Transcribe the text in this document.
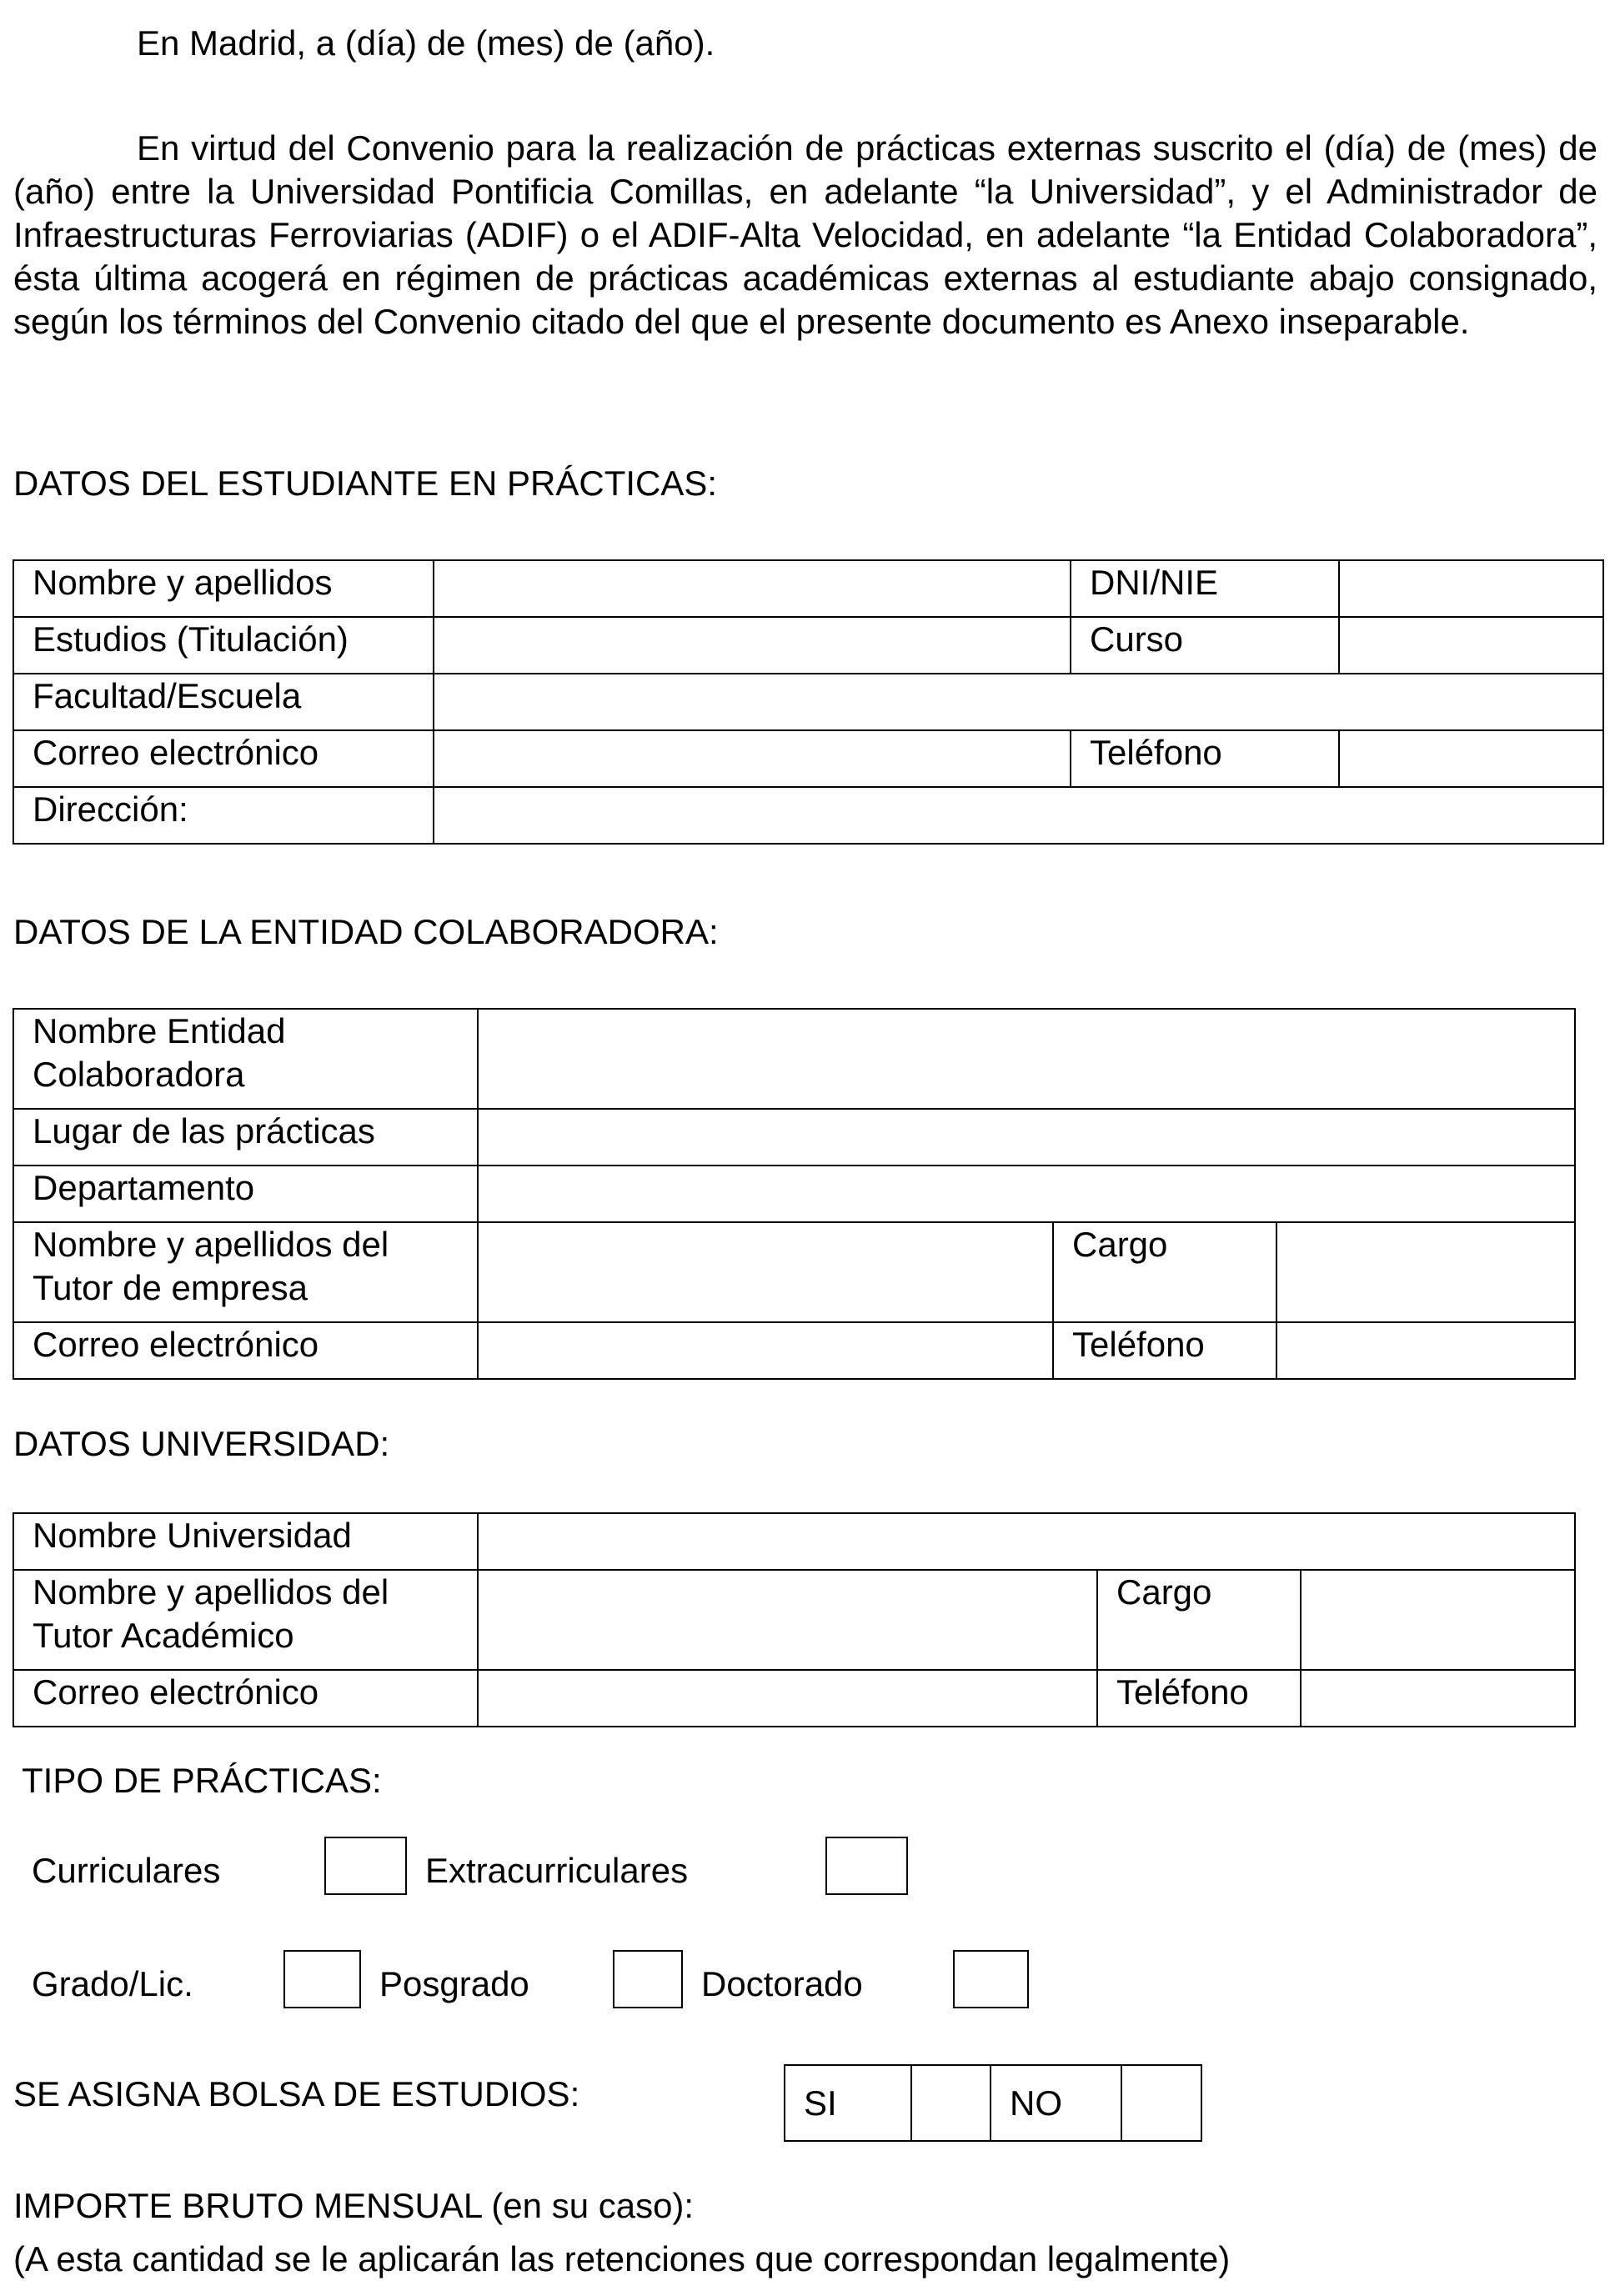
En Madrid, a (día) de (mes) de (año).
En virtud del Convenio para la realización de prácticas externas suscrito el (día) de (mes) de (año) entre la Universidad Pontificia Comillas, en adelante “la Universidad”, y el Administrador de Infraestructuras Ferroviarias (ADIF) o el ADIF-Alta Velocidad, en adelante “la Entidad Colaboradora”, ésta última acogerá en régimen de prácticas académicas externas al estudiante abajo consignado, según los términos del Convenio citado del que el presente documento es Anexo inseparable.
DATOS DEL ESTUDIANTE EN PRÁCTICAS:
Nombre y apellidos		DNI/NIE	
Estudios (Titulación)		Curso	
Facultad/Escuela			
Correo electrónico		Teléfono	
Dirección:			
DATOS DE LA ENTIDAD COLABORADORA:
Nombre Entidad Colaboradora			
Lugar de las prácticas			
Departamento			
Nombre y apellidos del Tutor de empresa		Cargo	
Correo electrónico		Teléfono	
DATOS UNIVERSIDAD:
Nombre Universidad			
Nombre y apellidos del Tutor Académico		Cargo	
Correo electrónico		Teléfono	
TIPO DE PRÁCTICAS:
Curriculares	Extracurriculares
Grado/Lic.	Posgrado	Doctorado
SE ASIGNA BOLSA DE ESTUDIOS:	SI		NO	
IMPORTE BRUTO MENSUAL (en su caso):
(A esta cantidad se le aplicarán las retenciones que correspondan legalmente)
